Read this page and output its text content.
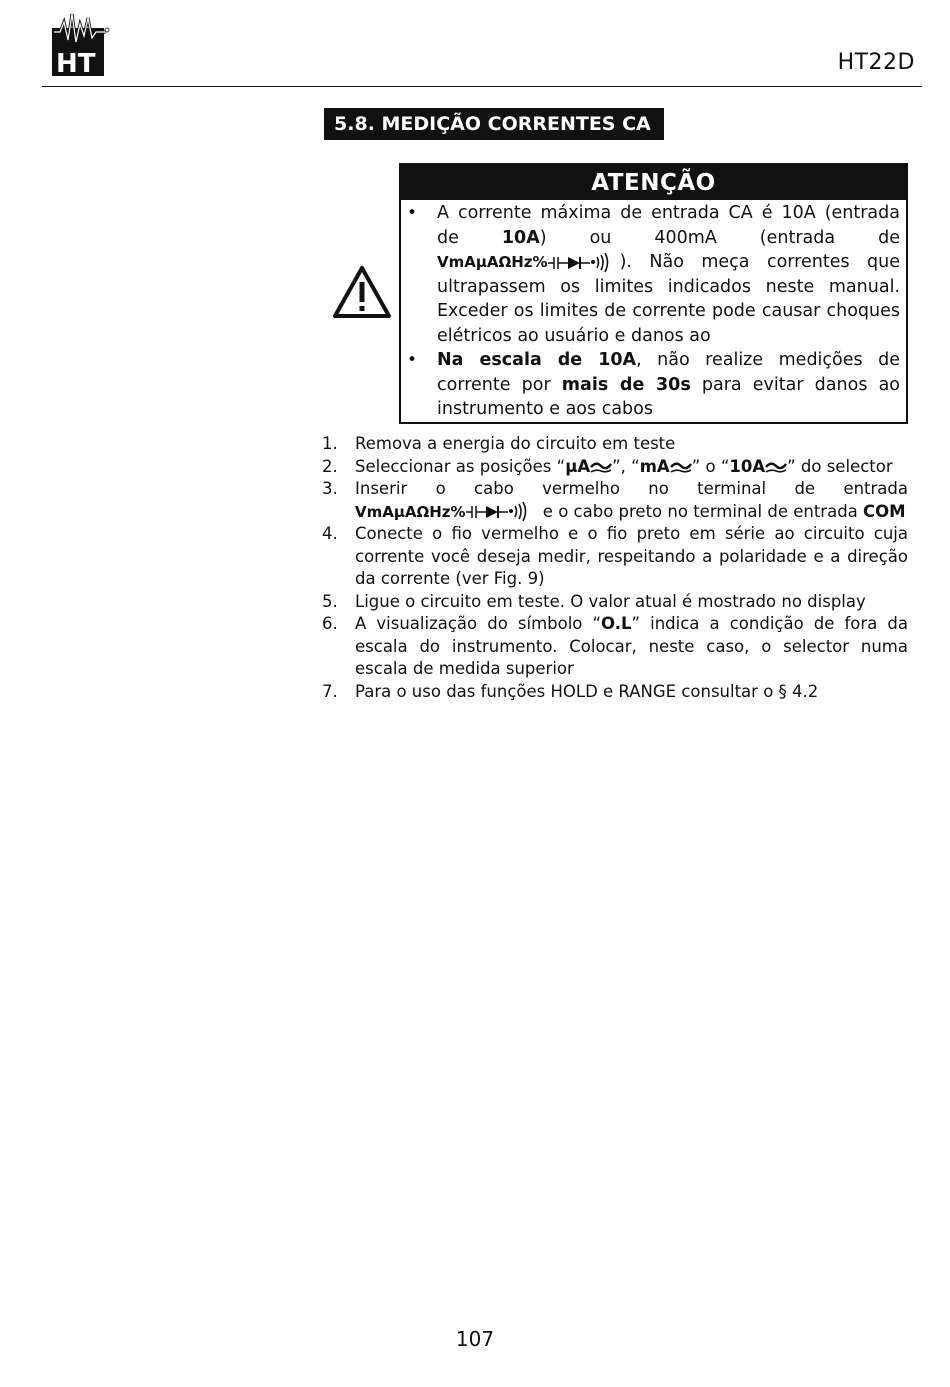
HT	HT22D
5.8. MEDIÇÃO CORRENTES CA
ATENÇÃO
• A corrente máxima de entrada CA é 10A (entrada de 10A) ou 400mA (entrada de VmAμAΩHz%	). Não meça correntes que ultrapassem os limites indicados neste manual. Exceder os limites de corrente pode causar choques elétricos ao usuário e danos ao
• Na escala de 10A, não realize medições de corrente por mais de 30s para evitar danos ao instrumento e aos cabos
1. Remova a energia do circuito em teste
2. Seleccionar as posições “μA ”, “mA ” o “10A ” do selector
3. Inserir o cabo vermelho no terminal de entrada VmAμAΩHz%	e o cabo preto no terminal de entrada COM
4. Conecte o fio vermelho e o fio preto em série ao circuito cuja corrente você deseja medir, respeitando a polaridade e a direção da corrente (ver Fig. 9)
5. Ligue o circuito em teste. O valor atual é mostrado no display
6. A visualização do símbolo “O.L” indica a condição de fora da escala do instrumento. Colocar, neste caso, o selector numa escala de medida superior
7. Para o uso das funções HOLD e RANGE consultar o § 4.2
107
